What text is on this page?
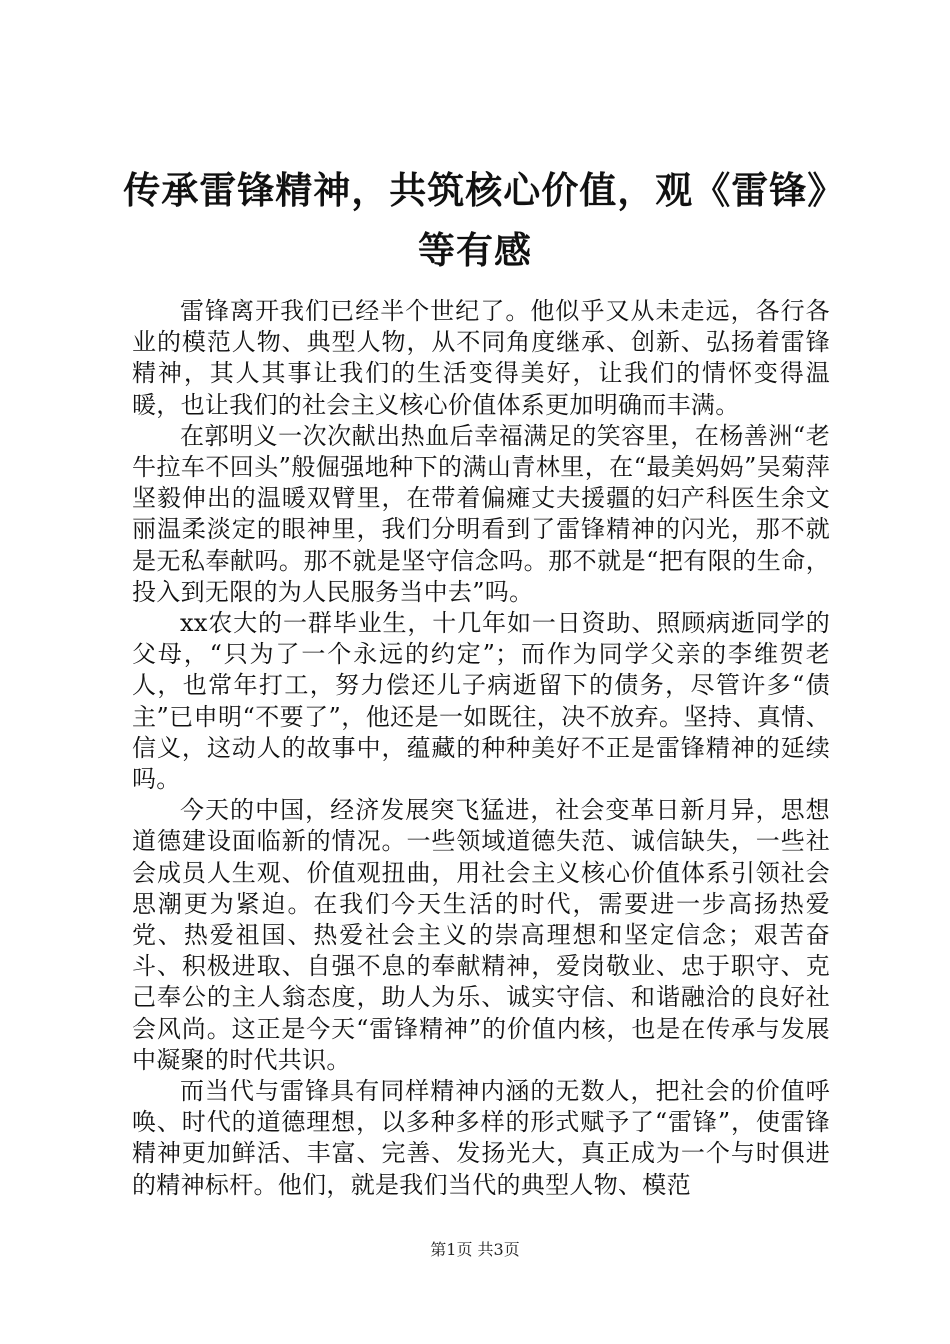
传承雷锋精神，共筑核心价值，观《雷锋》等有感

雷锋离开我们已经半个世纪了。他似乎又从未走远，各行各业的模范人物、典型人物，从不同角度继承、创新、弘扬着雷锋精神，其人其事让我们的生活变得美好，让我们的情怀变得温暖，也让我们的社会主义核心价值体系更加明确而丰满。

在郭明义一次次献出热血后幸福满足的笑容里，在杨善洲“老牛拉车不回头”般倔强地种下的满山青林里，在“最美妈妈”吴菊萍坚毅伸出的温暖双臂里，在带着偏瘫丈夫援疆的妇产科医生余文丽温柔淡定的眼神里，我们分明看到了雷锋精神的闪光，那不就是无私奉献吗。那不就是坚守信念吗。那不就是“把有限的生命，投入到无限的为人民服务当中去”吗。

xx农大的一群毕业生，十几年如一日资助、照顾病逝同学的父母，“只为了一个永远的约定”；而作为同学父亲的李维贺老人，也常年打工，努力偿还儿子病逝留下的债务，尽管许多“债主”已申明“不要了”，他还是一如既往，决不放弃。坚持、真情、信义，这动人的故事中，蕴藏的种种美好不正是雷锋精神的延续吗。

今天的中国，经济发展突飞猛进，社会变革日新月异，思想道德建设面临新的情况。一些领域道德失范、诚信缺失，一些社会成员人生观、价值观扭曲，用社会主义核心价值体系引领社会思潮更为紧迫。在我们今天生活的时代，需要进一步高扬热爱党、热爱祖国、热爱社会主义的崇高理想和坚定信念；艰苦奋斗、积极进取、自强不息的奉献精神，爱岗敬业、忠于职守、克己奉公的主人翁态度，助人为乐、诚实守信、和谐融洽的良好社会风尚。这正是今天“雷锋精神”的价值内核，也是在传承与发展中凝聚的时代共识。

而当代与雷锋具有同样精神内涵的无数人，把社会的价值呼唤、时代的道德理想，以多种多样的形式赋予了“雷锋”，使雷锋精神更加鲜活、丰富、完善、发扬光大，真正成为一个与时俱进的精神标杆。他们，就是我们当代的典型人物、模范

第1页 共3页
